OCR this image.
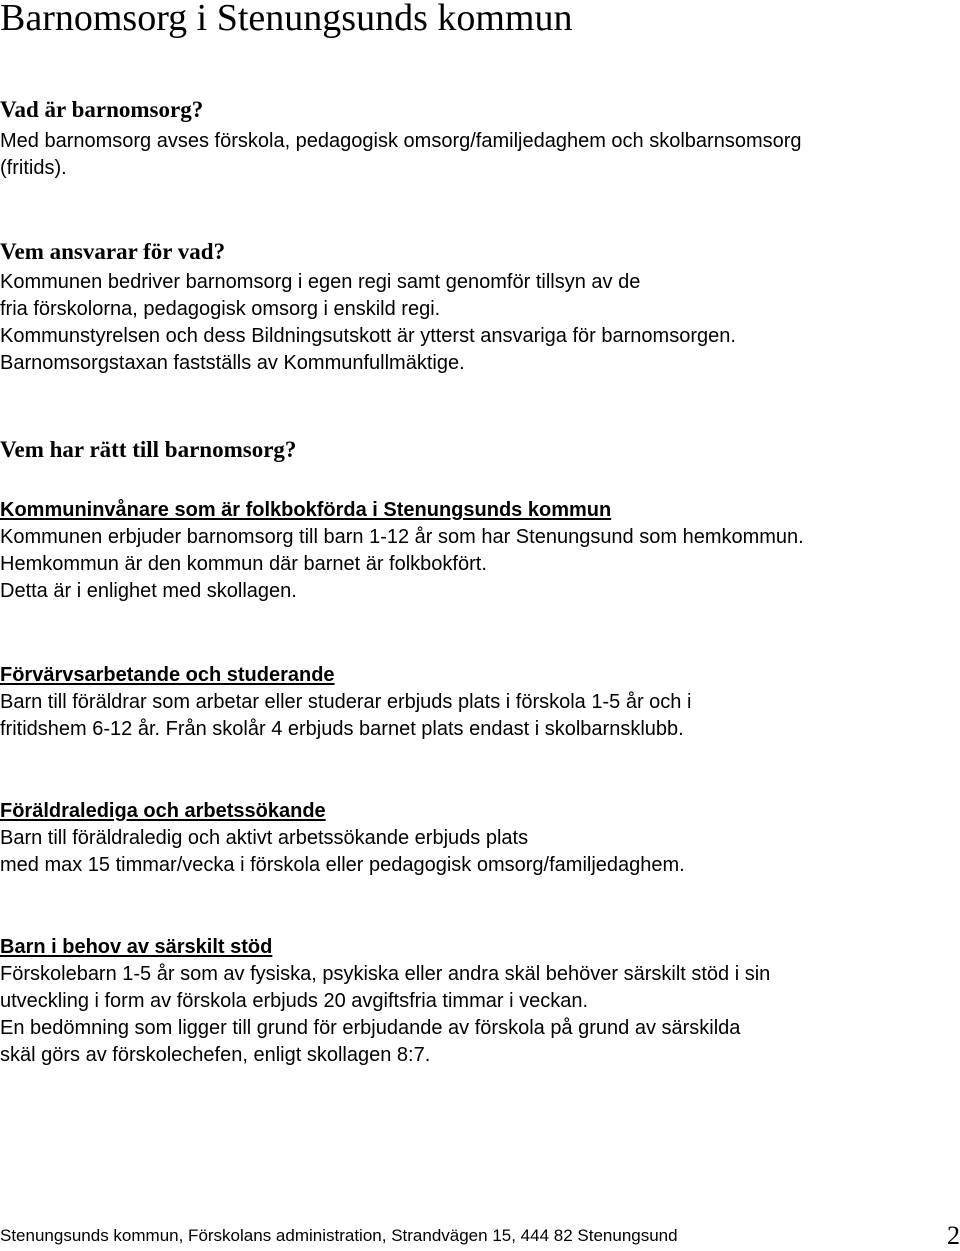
Barnomsorg i Stenungsunds kommun
Vad är barnomsorg?
Med barnomsorg avses förskola, pedagogisk omsorg/familjedaghem och skolbarnsomsorg
(fritids).
Vem ansvarar för vad?
Kommunen bedriver barnomsorg i egen regi samt genomför tillsyn av de
fria förskolorna, pedagogisk omsorg i enskild regi.
Kommunstyrelsen och dess Bildningsutskott är ytterst ansvariga för barnomsorgen.
Barnomsorgstaxan fastställs av Kommunfullmäktige.
Vem har rätt till barnomsorg?
Kommuninvånare som är folkbokförda i Stenungsunds kommun
Kommunen erbjuder barnomsorg till barn 1-12 år som har Stenungsund som hemkommun.
Hemkommun är den kommun där barnet är folkbokfört.
Detta är i enlighet med skollagen.
Förvärvsarbetande och studerande
Barn till föräldrar som arbetar eller studerar erbjuds plats i förskola 1-5 år och i
fritidshem 6-12 år. Från skolår 4 erbjuds barnet plats endast i skolbarnsklubb.
Föräldralediga och arbetssökande
Barn till föräldraledig och aktivt arbetssökande erbjuds plats
med max 15 timmar/vecka i förskola eller pedagogisk omsorg/familjedaghem.
Barn i behov av särskilt stöd
Förskolebarn 1-5 år som av fysiska, psykiska eller andra skäl behöver särskilt stöd i sin
utveckling i form av förskola erbjuds 20 avgiftsfria timmar i veckan.
En bedömning som ligger till grund för erbjudande av förskola på grund av särskilda
skäl görs av förskolechefen, enligt skollagen 8:7.
Stenungsunds kommun, Förskolans administration, Strandvägen 15, 444 82 Stenungsund	2
